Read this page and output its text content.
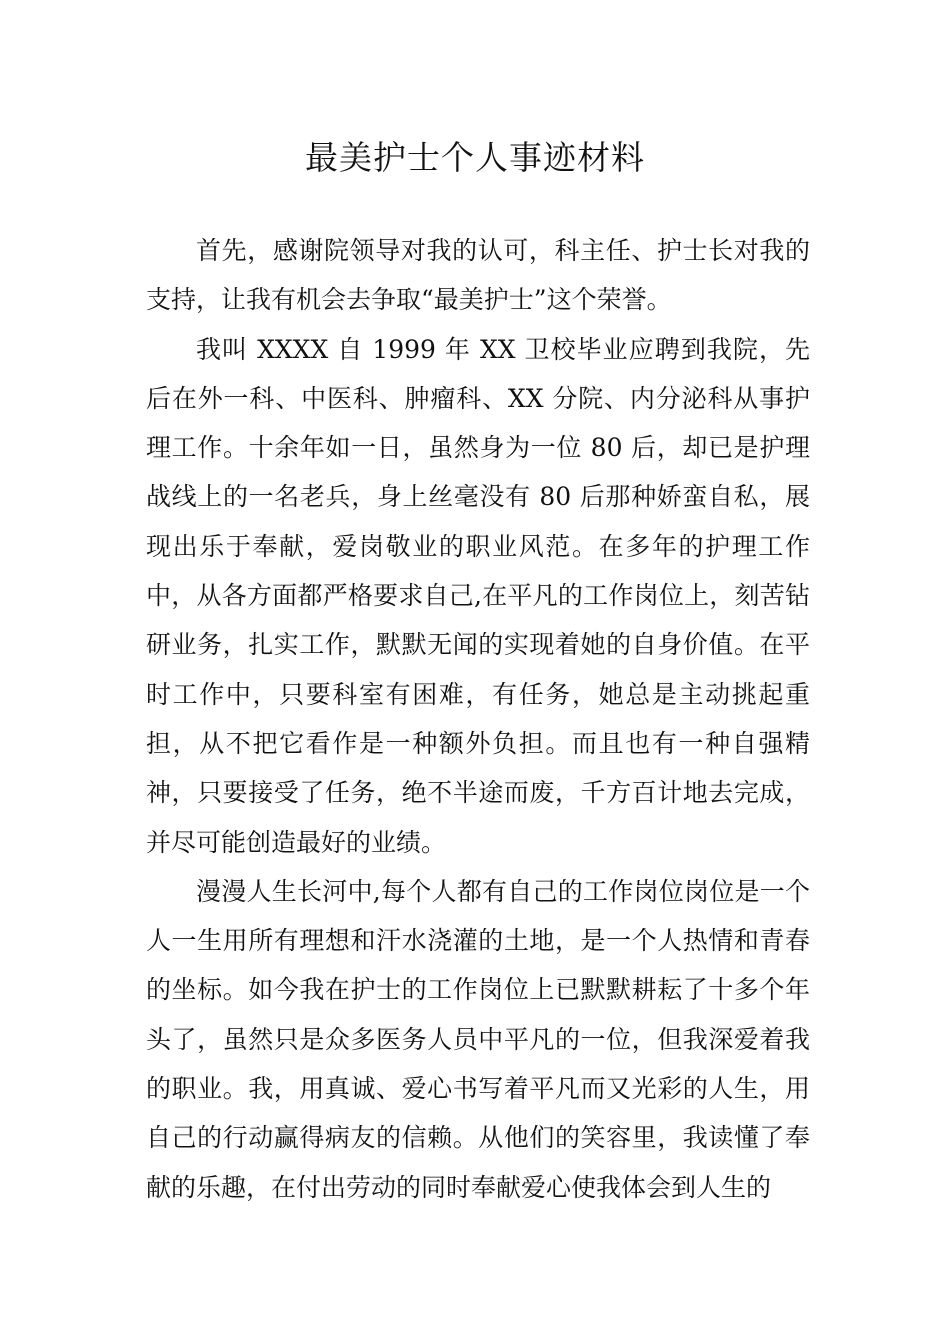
最美护士个人事迹材料

首先，感谢院领导对我的认可，科主任、护士长对我的支持，让我有机会去争取“最美护士”这个荣誉。

我叫 XXXX 自 1999 年 XX 卫校毕业应聘到我院，先后在外一科、中医科、肿瘤科、XX 分院、内分泌科从事护理工作。十余年如一日，虽然身为一位 80 后，却已是护理战线上的一名老兵，身上丝毫没有 80 后那种娇蛮自私，展现出乐于奉献，爱岗敬业的职业风范。在多年的护理工作中，从各方面都严格要求自己,在平凡的工作岗位上，刻苦钻研业务，扎实工作，默默无闻的实现着她的自身价值。在平时工作中，只要科室有困难，有任务，她总是主动挑起重担，从不把它看作是一种额外负担。而且也有一种自强精神，只要接受了任务，绝不半途而废，千方百计地去完成，并尽可能创造最好的业绩。

漫漫人生长河中,每个人都有自己的工作岗位岗位是一个人一生用所有理想和汗水浇灌的土地，是一个人热情和青春的坐标。如今我在护士的工作岗位上已默默耕耘了十多个年头了，虽然只是众多医务人员中平凡的一位，但我深爱着我的职业。我，用真诚、爱心书写着平凡而又光彩的人生，用自己的行动赢得病友的信赖。从他们的笑容里，我读懂了奉献的乐趣，在付出劳动的同时奉献爱心使我体会到人生的
